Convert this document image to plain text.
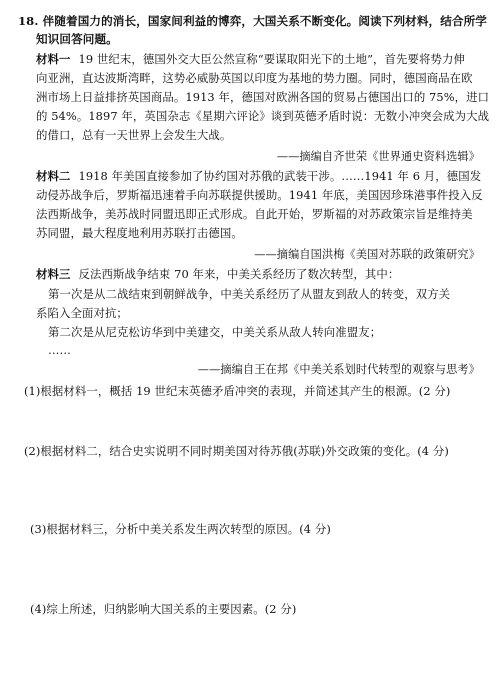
18. 伴随着国力的消长，国家间利益的博弈，大国关系不断变化。阅读下列材料，结合所学
知识回答问题。
材料一 19 世纪末，德国外交大臣公然宣称“要谋取阳光下的土地”，首先要将势力伸
向亚洲，直达波斯湾畔，这势必威胁英国以印度为基地的势力圈。同时，德国商品在欧
洲市场上日益排挤英国商品。1913 年，德国对欧洲各国的贸易占德国出口的 75%，进口
的 54%。1897 年，英国杂志《星期六评论》谈到英德矛盾时说：无数小冲突会成为大战
的借口，总有一天世界上会发生大战。
——摘编自齐世荣《世界通史资料选辑》
材料二 1918 年美国直接参加了协约国对苏俄的武装干涉。……1941 年 6 月，德国发
动侵苏战争后，罗斯福迅速着手向苏联提供援助。1941 年底，美国因珍珠港事件投入反
法西斯战争，美苏战时同盟迅即正式形成。自此开始，罗斯福的对苏政策宗旨是维持美
苏同盟，最大程度地利用苏联打击德国。
——摘编自国洪梅《美国对苏联的政策研究》
材料三 反法西斯战争结束 70 年来，中美关系经历了数次转型，其中：
第一次是从二战结束到朝鲜战争，中美关系经历了从盟友到敌人的转变，双方关
系陷入全面对抗；
第二次是从尼克松访华到中美建交，中美关系从敌人转向准盟友；
……
——摘编自王在邦《中美关系划时代转型的观察与思考》
(1)根据材料一，概括 19 世纪末英德矛盾冲突的表现，并简述其产生的根源。(2 分)
(2)根据材料二，结合史实说明不同时期美国对待苏俄(苏联)外交政策的变化。(4 分)
(3)根据材料三，分析中美关系发生两次转型的原因。(4 分)
(4)综上所述，归纳影响大国关系的主要因素。(2 分)
